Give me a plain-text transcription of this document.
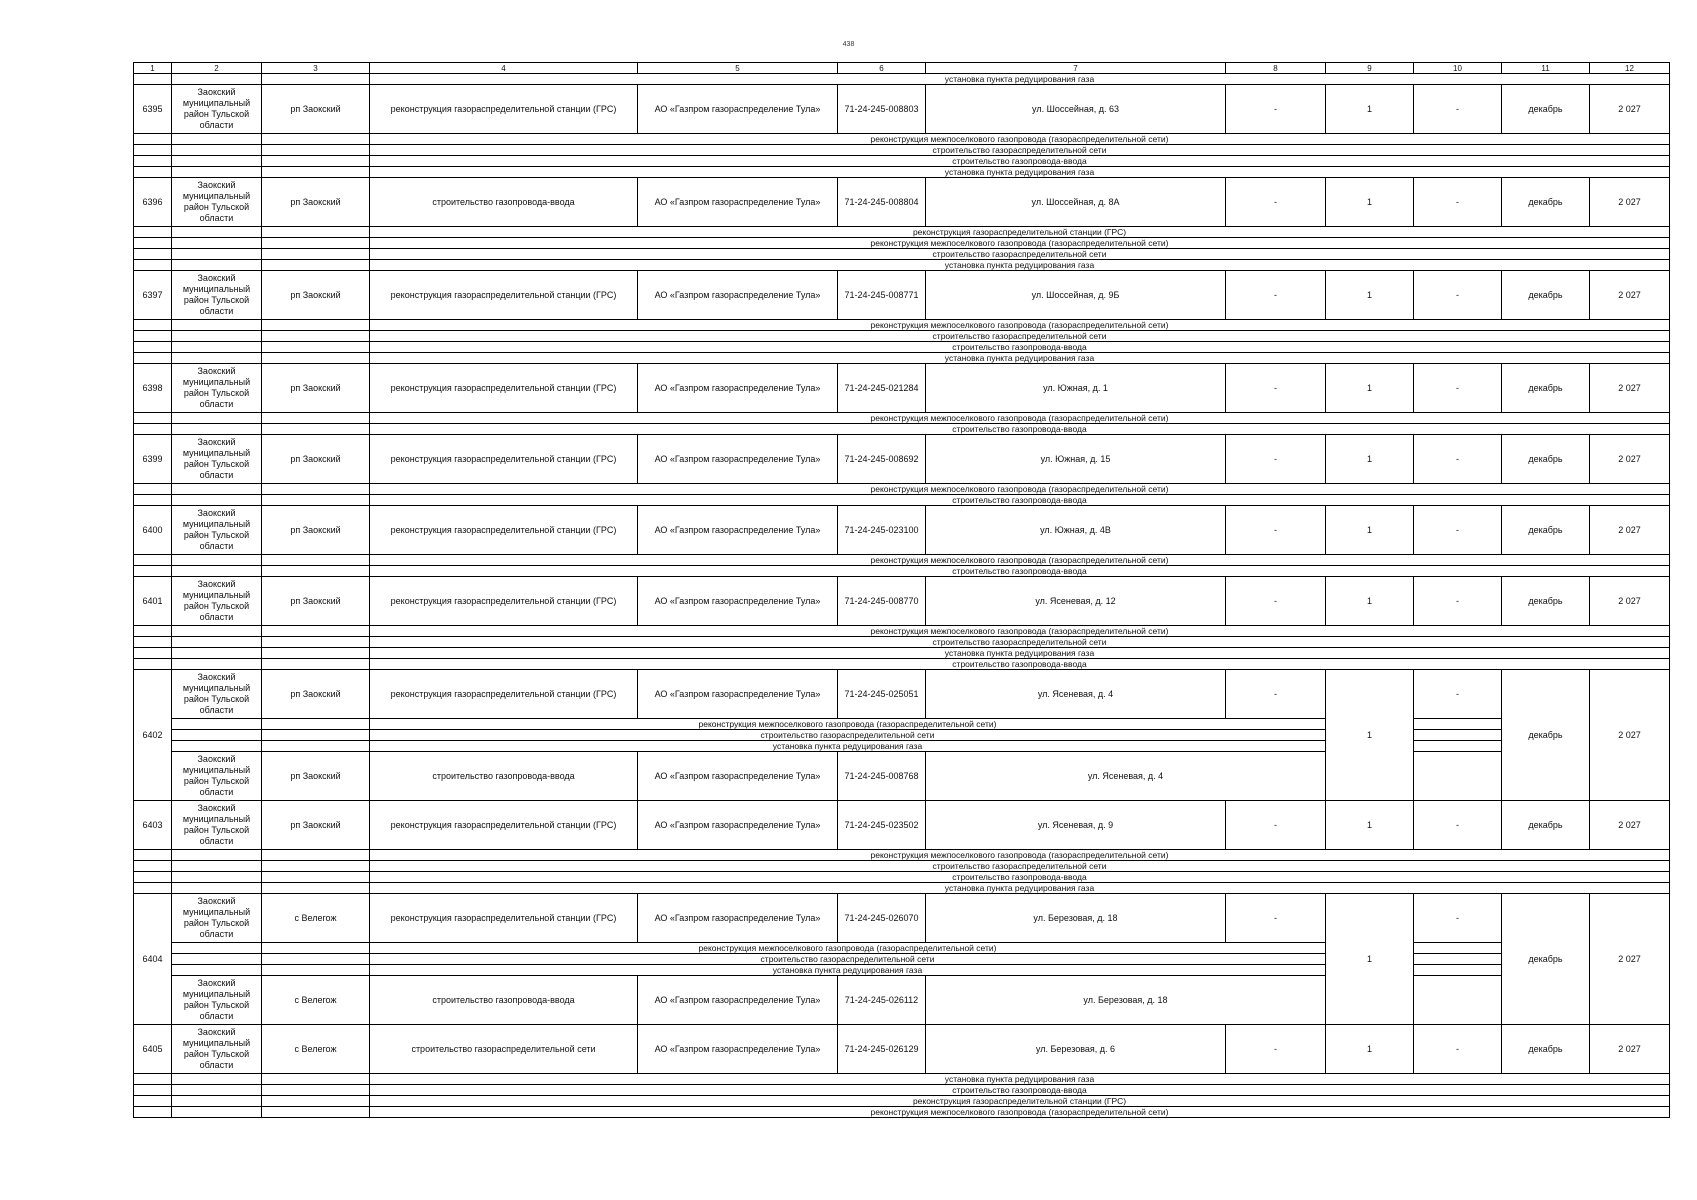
438
1	2	3	4	5	6	7	8	9	10	11	12
			установка пункта редуцирования газа								
6395	Заокский муниципальный район Тульской области	рп Заокский	реконструкция газораспределительной станции (ГРС)	АО «Газпром газораспределение Тула»	71-24-245-008803	ул. Шоссейная, д. 63	-	1	-	декабрь	2 027
			реконструкция межпоселкового газопровода (газораспределительной сети)								
			строительство газораспределительной сети								
			строительство газопровода-ввода								
			установка пункта редуцирования газа								
6396	Заокский муниципальный район Тульской области	рп Заокский	строительство газопровода-ввода	АО «Газпром газораспределение Тула»	71-24-245-008804	ул. Шоссейная, д. 8А	-	1	-	декабрь	2 027
			реконструкция газораспределительной станции (ГРС)								
			реконструкция межпоселкового газопровода (газораспределительной сети)								
			строительство газораспределительной сети								
			установка пункта редуцирования газа								
6397	Заокский муниципальный район Тульской области	рп Заокский	реконструкция газораспределительной станции (ГРС)	АО «Газпром газораспределение Тула»	71-24-245-008771	ул. Шоссейная, д. 9Б	-	1	-	декабрь	2 027
			реконструкция межпоселкового газопровода (газораспределительной сети)								
			строительство газораспределительной сети								
			строительство газопровода-ввода								
			установка пункта редуцирования газа								
6398	Заокский муниципальный район Тульской области	рп Заокский	реконструкция газораспределительной станции (ГРС)	АО «Газпром газораспределение Тула»	71-24-245-021284	ул. Южная, д. 1	-	1	-	декабрь	2 027
			реконструкция межпоселкового газопровода (газораспределительной сети)								
			строительство газопровода-ввода								
6399	Заокский муниципальный район Тульской области	рп Заокский	реконструкция газораспределительной станции (ГРС)	АО «Газпром газораспределение Тула»	71-24-245-008692	ул. Южная, д. 15	-	1	-	декабрь	2 027
			реконструкция межпоселкового газопровода (газораспределительной сети)								
			строительство газопровода-ввода								
6400	Заокский муниципальный район Тульской области	рп Заокский	реконструкция газораспределительной станции (ГРС)	АО «Газпром газораспределение Тула»	71-24-245-023100	ул. Южная, д. 4В	-	1	-	декабрь	2 027
			реконструкция межпоселкового газопровода (газораспределительной сети)								
			строительство газопровода-ввода								
6401	Заокский муниципальный район Тульской области	рп Заокский	реконструкция газораспределительной станции (ГРС)	АО «Газпром газораспределение Тула»	71-24-245-008770	ул. Ясеневая, д. 12	-	1	-	декабрь	2 027
			реконструкция межпоселкового газопровода (газораспределительной сети)								
			строительство газораспределительной сети								
			установка пункта редуцирования газа								
			строительство газопровода-ввода								
6402	Заокский муниципальный район Тульской области	рп Заокский	реконструкция газораспределительной станции (ГРС)	АО «Газпром газораспределение Тула»	71-24-245-025051	ул. Ясеневая, д. 4	-	1	-	декабрь	2 027
			реконструкция межпоселкового газопровода (газораспределительной сети)								
			строительство газораспределительной сети								
			установка пункта редуцирования газа								
	Заокский муниципальный район Тульской области	рп Заокский	строительство газопровода-ввода	АО «Газпром газораспределение Тула»	71-24-245-008768	ул. Ясеневая, д. 4					
6403	Заокский муниципальный район Тульской области	рп Заокский	реконструкция газораспределительной станции (ГРС)	АО «Газпром газораспределение Тула»	71-24-245-023502	ул. Ясеневая, д. 9	-	1	-	декабрь	2 027
			реконструкция межпоселкового газопровода (газораспределительной сети)								
			строительство газораспределительной сети								
			строительство газопровода-ввода								
			установка пункта редуцирования газа								
6404	Заокский муниципальный район Тульской области	с Велегож	реконструкция газораспределительной станции (ГРС)	АО «Газпром газораспределение Тула»	71-24-245-026070	ул. Березовая, д. 18	-	1	-	декабрь	2 027
			реконструкция межпоселкового газопровода (газораспределительной сети)								
			строительство газораспределительной сети								
			установка пункта редуцирования газа								
	Заокский муниципальный район Тульской области	с Велегож	строительство газопровода-ввода	АО «Газпром газораспределение Тула»	71-24-245-026112	ул. Березовая, д. 18					
6405	Заокский муниципальный район Тульской области	с Велегож	строительство газораспределительной сети	АО «Газпром газораспределение Тула»	71-24-245-026129	ул. Березовая, д. 6	-	1	-	декабрь	2 027
			установка пункта редуцирования газа								
			строительство газопровода-ввода								
			реконструкция газораспределительной станции (ГРС)								
			реконструкция межпоселкового газопровода (газораспределительной сети)								
